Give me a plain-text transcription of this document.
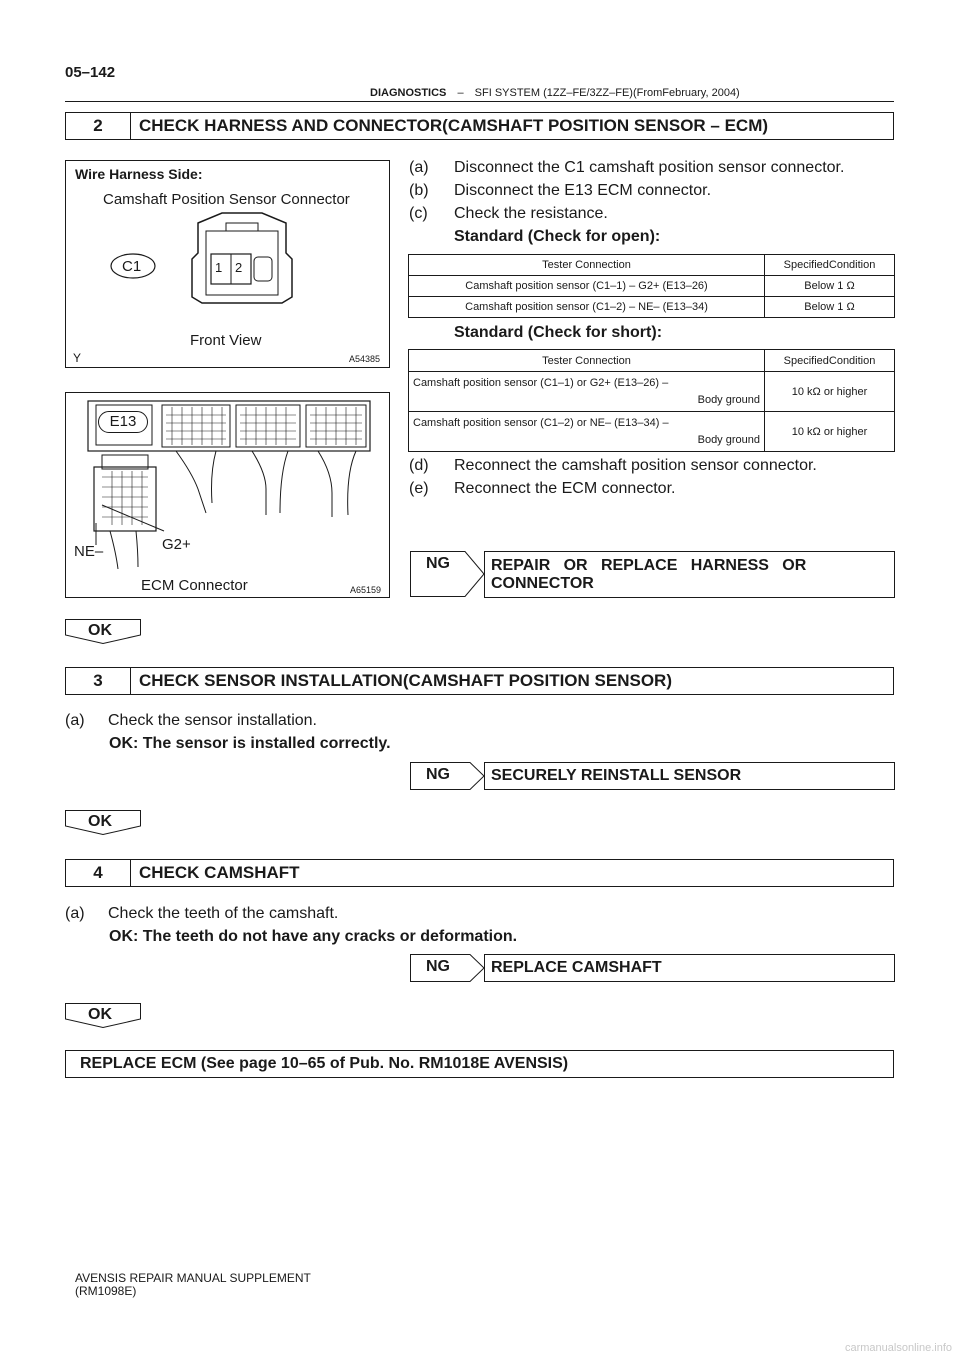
05–142
DIAGNOSTICS – SFI SYSTEM (1ZZ–FE/3ZZ–FE)(FromFebruary, 2004)
2	CHECK HARNESS AND CONNECTOR(CAMSHAFT POSITION SENSOR – ECM)
Wire Harness Side:
Camshaft Position Sensor Connector
C1	1 2
Front View
Y	A54385
E13
G2+
NE–
ECM Connector	A65159
(a) Disconnect the C1 camshaft position sensor connector.
(b) Disconnect the E13 ECM connector.
(c) Check the resistance.
Standard (Check for open):
Tester Connection	SpecifiedCondition
Camshaft position sensor (C1–1) – G2+ (E13–26)	Below 1 Ω
Camshaft position sensor (C1–2) – NE– (E13–34)	Below 1 Ω
Standard (Check for short):
Tester Connection	SpecifiedCondition

Camshaft position sensor (C1–1) or G2+ (E13–26) –
Body ground	10 kΩ or higher

Camshaft position sensor (C1–2) or NE– (E13–34) –
Body ground	10 kΩ or higher
(d) Reconnect the camshaft position sensor connector.
(e) Reconnect the ECM connector.
NG	REPAIR   OR   REPLACE   HARNESS   OR
CONNECTOR
OK
3	CHECK SENSOR INSTALLATION(CAMSHAFT POSITION SENSOR)
(a) Check the sensor installation.
OK: The sensor is installed correctly.
NG	SECURELY REINSTALL SENSOR
OK
4	CHECK CAMSHAFT
(a) Check the teeth of the camshaft.
OK: The teeth do not have any cracks or deformation.
NG	REPLACE CAMSHAFT
OK
REPLACE ECM (See page 10–65 of Pub. No. RM1018E AVENSIS)
AVENSIS REPAIR MANUAL SUPPLEMENT
(RM1098E)
carmanualsonline.info
